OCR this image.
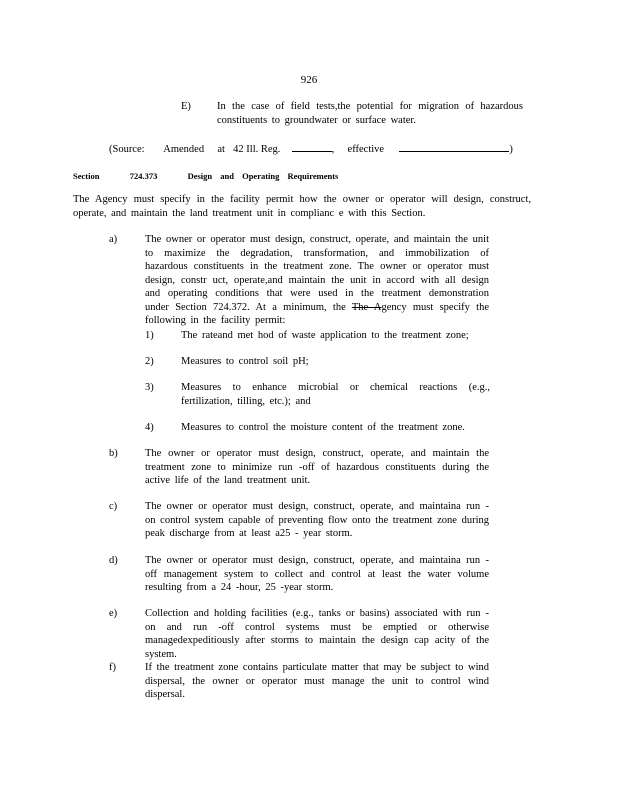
926
E)	In the case of field tests,the potential for migration of hazardous constituents to groundwater or surface water.
(Source: Amended at 42 Ill. Reg.	, effective	)
Section	724.373	Design and Operating Requirements
The Agency must specify in the facility permit how the owner or operator will design, construct, operate, and maintain the land treatment unit in complianc e with this Section.
a)	The owner or operator must design, construct, operate, and maintain the unit to maximize the degradation, transformation, and immobilization of hazardous constituents in the treatment zone. The owner or operator must design, constr uct, operate,and maintain the unit in accord with all design and operating conditions that were used in the treatment demonstration under Section 724.372. At a minimum, the The Agency must specify the following in the facility permit:
1)	The rateand met hod of waste application to the treatment zone;
2)	Measures to control soil pH;
3)	Measures to enhance microbial or chemical reactions (e.g., fertilization, tilling, etc.); and
4)	Measures to control the moisture content of the treatment zone.
b)	The owner or operator must design, construct, operate, and maintain the treatment zone to minimize run -off of hazardous constituents during the active life of the land treatment unit.
c)	The owner or operator must design, construct, operate, and maintaina run -on control system capable of preventing flow onto the treatment zone during peak discharge from at least a25 - year storm.
d)	The owner or operator must design, construct, operate, and maintaina run -off management system to collect and control at least the water volume resulting from a 24 -hour, 25 -year storm.
e)	Collection and holding facilities (e.g., tanks or basins) associated with run -on and run -off control systems must be emptied or otherwise managedexpeditiously after storms to maintain the design cap acity of the system.
f)	If the treatment zone contains particulate matter that may be subject to wind dispersal, the owner or operator must manage the unit to control wind dispersal.
